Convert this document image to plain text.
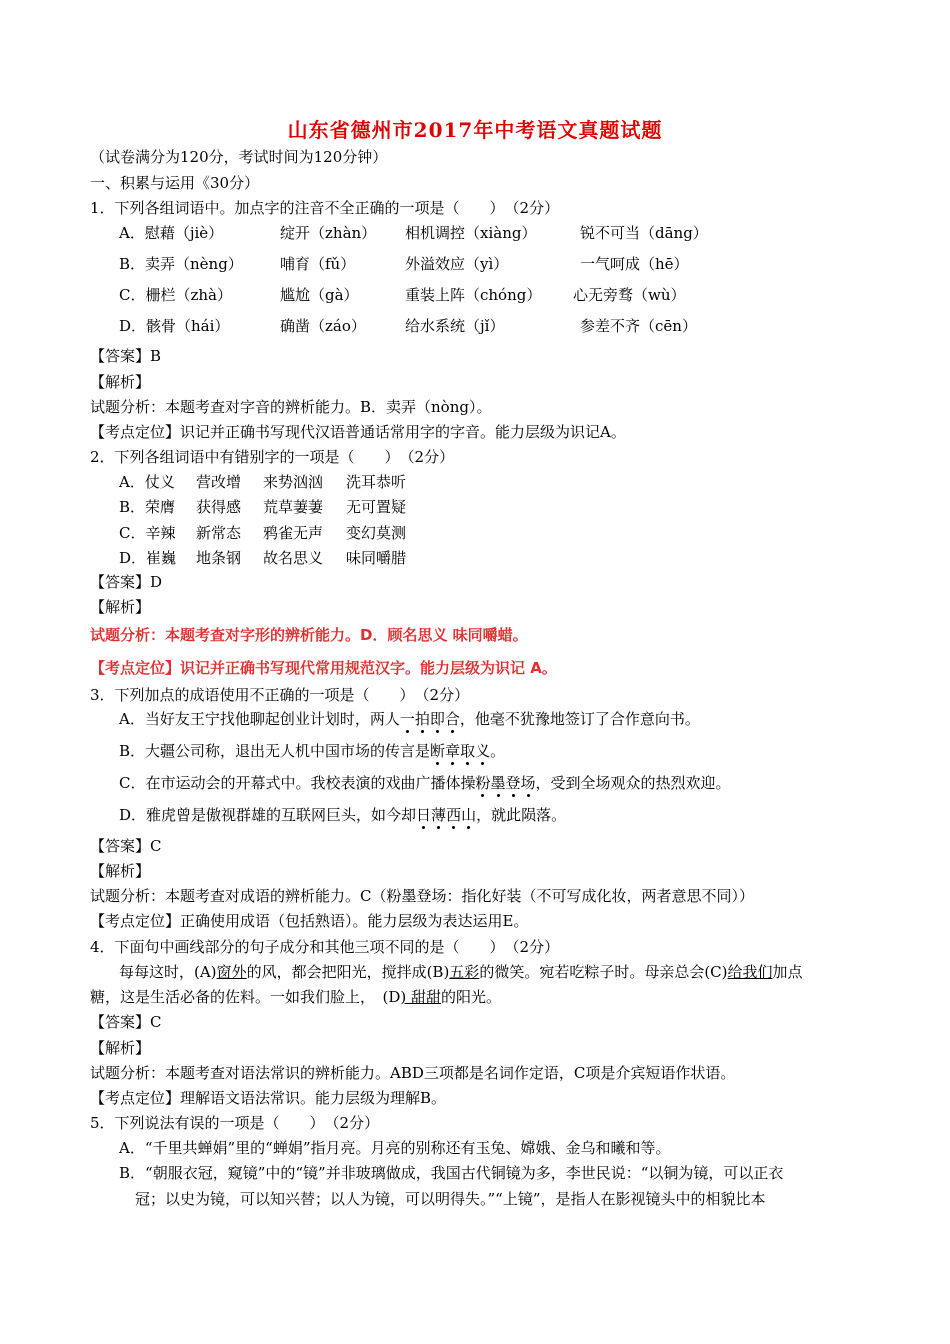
山东省德州市2017年中考语文真题试题
（试卷满分为120分，考试时间为120分钟）
一、积累与运用《30分）
1．下列各组词语中。加点字的注音不全正确的一项是（　　）　（2分）
A．慰藉（jiè）	绽开（zhàn） 相机调控（xiàng）	锐不可当（dāng）
B．卖弄（nèng） 哺育（fǔ）	外溢效应（yì）	一气呵成（hē）
C．栅栏（zhà）	尴尬（gà）	重装上阵（chóng） 心无旁骛（wù）
D．骸骨（hái）	确凿（záo）	给水系统（jǐ）	参差不齐（cēn）
【答案】B
【解析】
试题分析：本题考查对字音的辨析能力。B．卖弄（nòng）。
【考点定位】识记并正确书写现代汉语普通话常用字的字音。能力层级为识记A。
2．下列各组词语中有错别字的一项是（　　）　（2分）
A．仗义 营改增 来势汹汹 洗耳恭听
B．荣膺 获得感 荒草萋萋 无可置疑
C．辛辣 新常态 鸦雀无声 变幻莫测
D．崔巍 地条钢 故名思义 味同嚼腊
【答案】D
【解析】
试题分析：本题考查对字形的辨析能力。D．顾名思义 味同嚼蜡。
【考点定位】识记并正确书写现代常用规范汉字。能力层级为识记 A。
3．下列加点的成语使用不正确的一项是（　　）　（2分）
A．当好友王宁找他聊起创业计划时，两人一拍即合，他毫不犹豫地签订了合作意向书。
B．大疆公司称，退出无人机中国市场的传言是断章取义。
C．在市运动会的开幕式中。我校表演的戏曲广播体操粉墨登场，受到全场观众的热烈欢迎。
D．雅虎曾是傲视群雄的互联网巨头，如今却日薄西山，就此陨落。
【答案】C
【解析】
试题分析：本题考查对成语的辨析能力。C（粉墨登场：指化好装（不可写成化妆，两者意思不同））
【考点定位】正确使用成语（包括熟语）。能力层级为表达运用E。
4．下面句中画线部分的句子成分和其他三项不同的是（　　）　（2分）
每每这时，(A)窗外的风，都会把阳光，搅拌成(B)五彩的微笑。宛若吃粽子时。母亲总会(C)给我们加点
糖，这是生活必备的佐料。一如我们脸上，　(D) 甜甜的阳光。
【答案】C
【解析】
试题分析：本题考查对语法常识的辨析能力。ABD三项都是名词作定语，C项是介宾短语作状语。
【考点定位】理解语文语法常识。能力层级为理解B。
5．下列说法有误的一项是（　　）　（2分）
A．“千里共蝉娟”里的“蝉娟”指月亮。月亮的别称还有玉兔、嫦娥、金乌和曦和等。
B．“朝服衣冠，窥镜”中的“镜”并非玻璃做成，我国古代铜镜为多，李世民说：“以铜为镜，可以正衣
冠；以史为镜，可以知兴替；以人为镜，可以明得失。”“上镜”，是指人在影视镜头中的相貌比本
